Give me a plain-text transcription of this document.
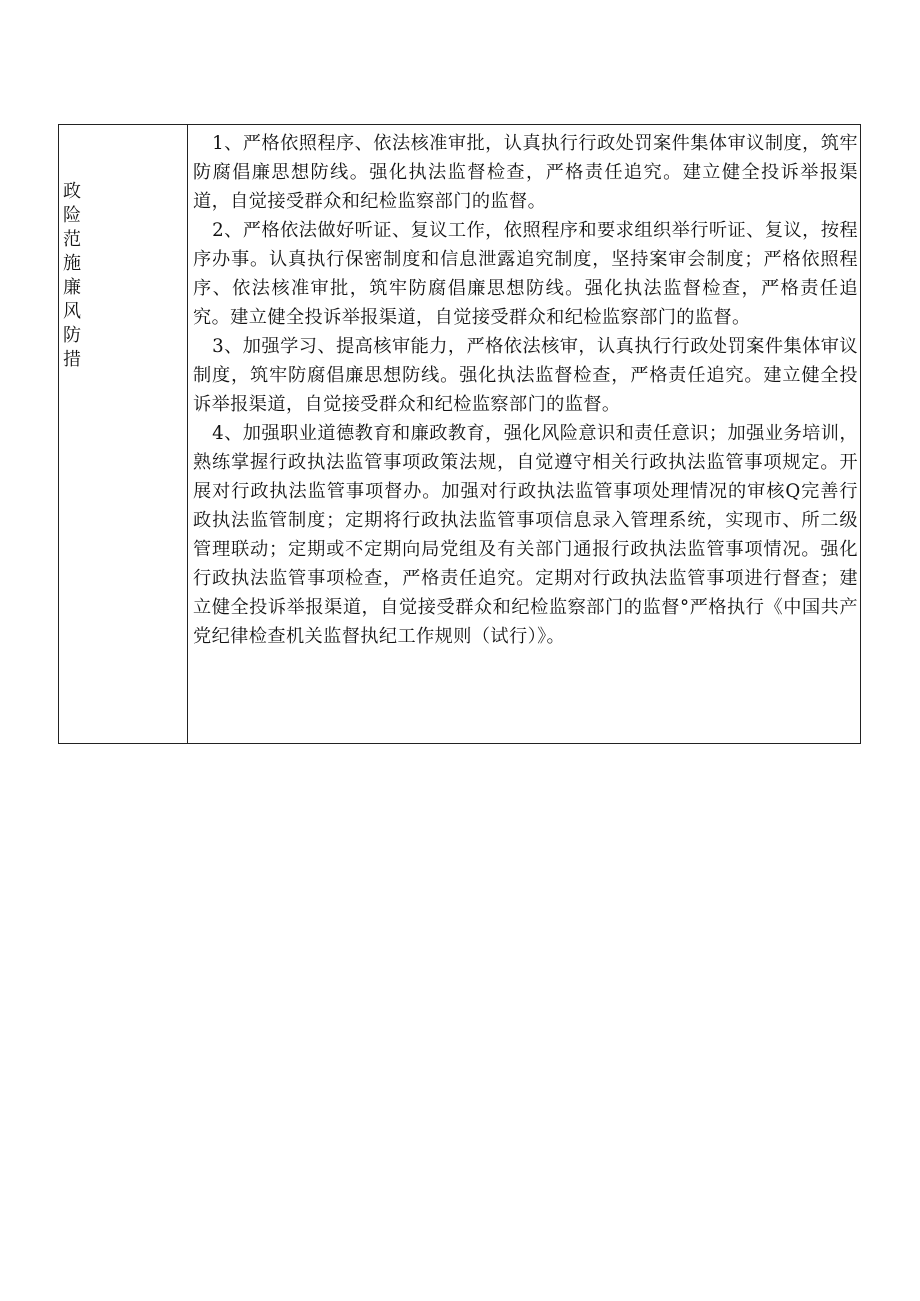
政险范施廉风防措

1、严格依照程序、依法核准审批，认真执行行政处罚案件集体审议制度，筑牢防腐倡廉思想防线。强化执法监督检查，严格责任追究。建立健全投诉举报渠道，自觉接受群众和纪检监察部门的监督。

2、严格依法做好听证、复议工作，依照程序和要求组织举行听证、复议，按程序办事。认真执行保密制度和信息泄露追究制度，坚持案审会制度；严格依照程序、依法核准审批，筑牢防腐倡廉思想防线。强化执法监督检查，严格责任追究。建立健全投诉举报渠道，自觉接受群众和纪检监察部门的监督。

3、加强学习、提高核审能力，严格依法核审，认真执行行政处罚案件集体审议制度，筑牢防腐倡廉思想防线。强化执法监督检查，严格责任追究。建立健全投诉举报渠道，自觉接受群众和纪检监察部门的监督。

4、加强职业道德教育和廉政教育，强化风险意识和责任意识；加强业务培训，熟练掌握行政执法监管事项政策法规，自觉遵守相关行政执法监管事项规定。开展对行政执法监管事项督办。加强对行政执法监管事项处理情况的审核Q完善行政执法监管制度；定期将行政执法监管事项信息录入管理系统，实现市、所二级管理联动；定期或不定期向局党组及有关部门通报行政执法监管事项情况。强化行政执法监管事项检查，严格责任追究。定期对行政执法监管事项进行督查；建立健全投诉举报渠道，自觉接受群众和纪检监察部门的监督°严格执行《中国共产党纪律检查机关监督执纪工作规则（试行）》。
